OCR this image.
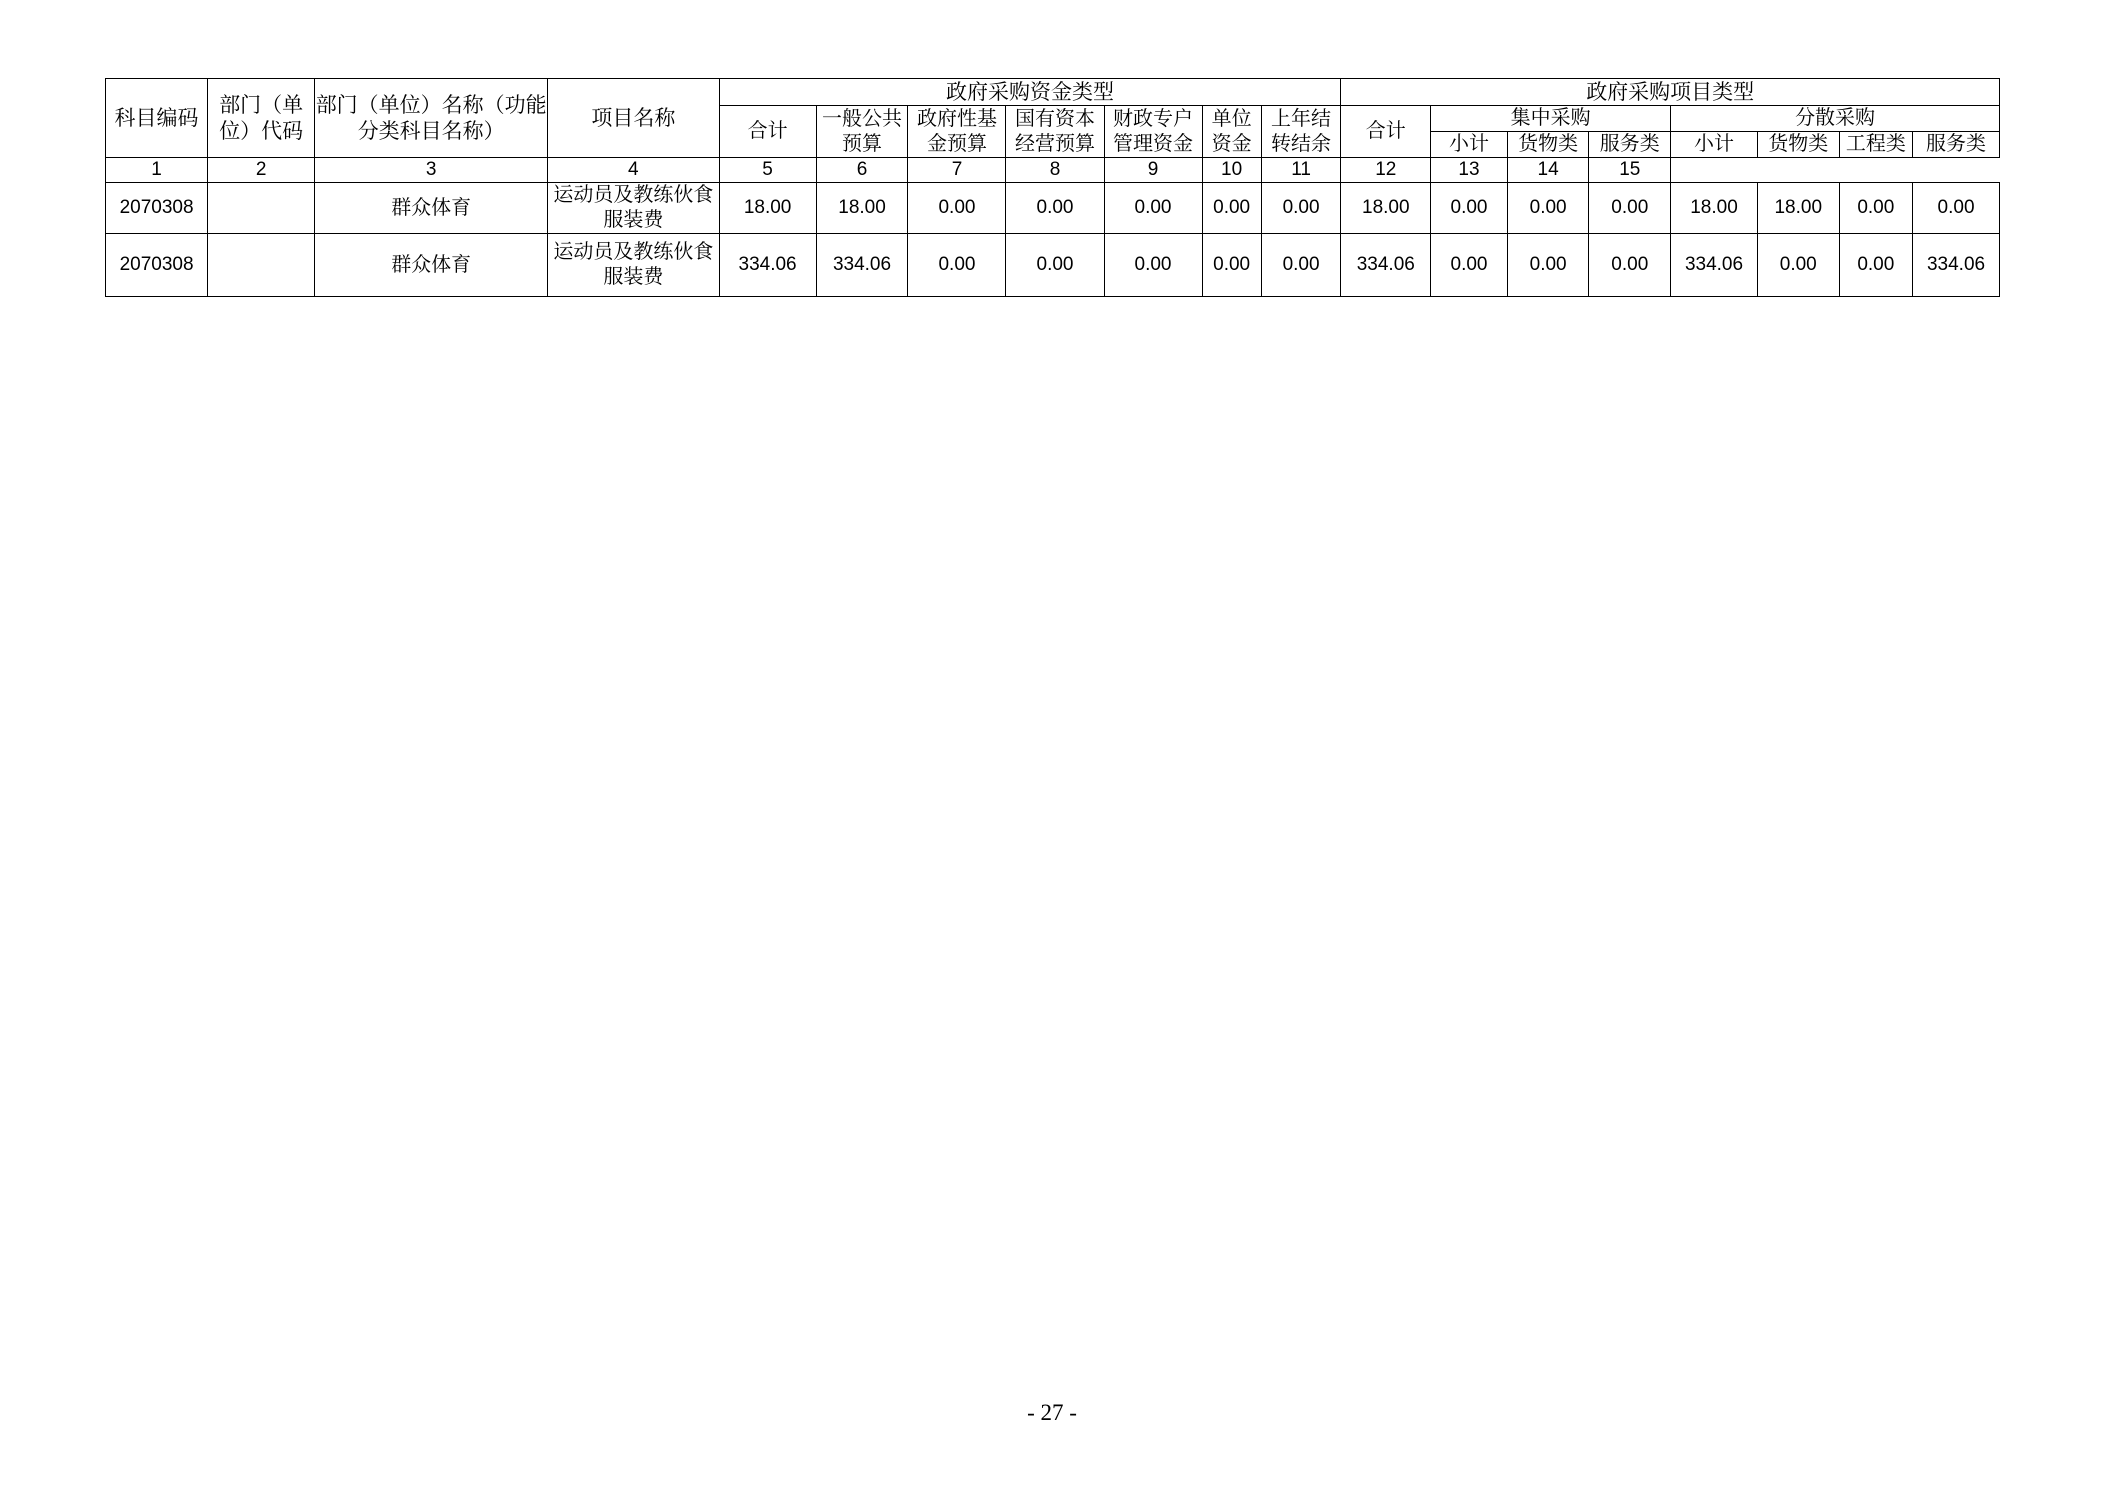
科目编码	部门（单位）代码	部门（单位）名称（功能分类科目名称）	项目名称	政府采购资金类型							政府采购项目类型							
				合计	一般公共预算	政府性基金预算	国有资本经营预算	财政专户管理资金	单位资金	上年结转结余	合计	集中采购			分散采购			
												小计	货物类	服务类	小计	货物类	工程类	服务类
1	2	3	4	5	6	7	8	9	10	11	12	13	14	15				
2070308		群众体育	运动员及教练伙食服装费	18.00	18.00	0.00	0.00	0.00	0.00	0.00	18.00	0.00	0.00	0.00	18.00	18.00	0.00	0.00
2070308		群众体育	运动员及教练伙食服装费	334.06	334.06	0.00	0.00	0.00	0.00	0.00	334.06	0.00	0.00	0.00	334.06	0.00	0.00	334.06
- 27 -
